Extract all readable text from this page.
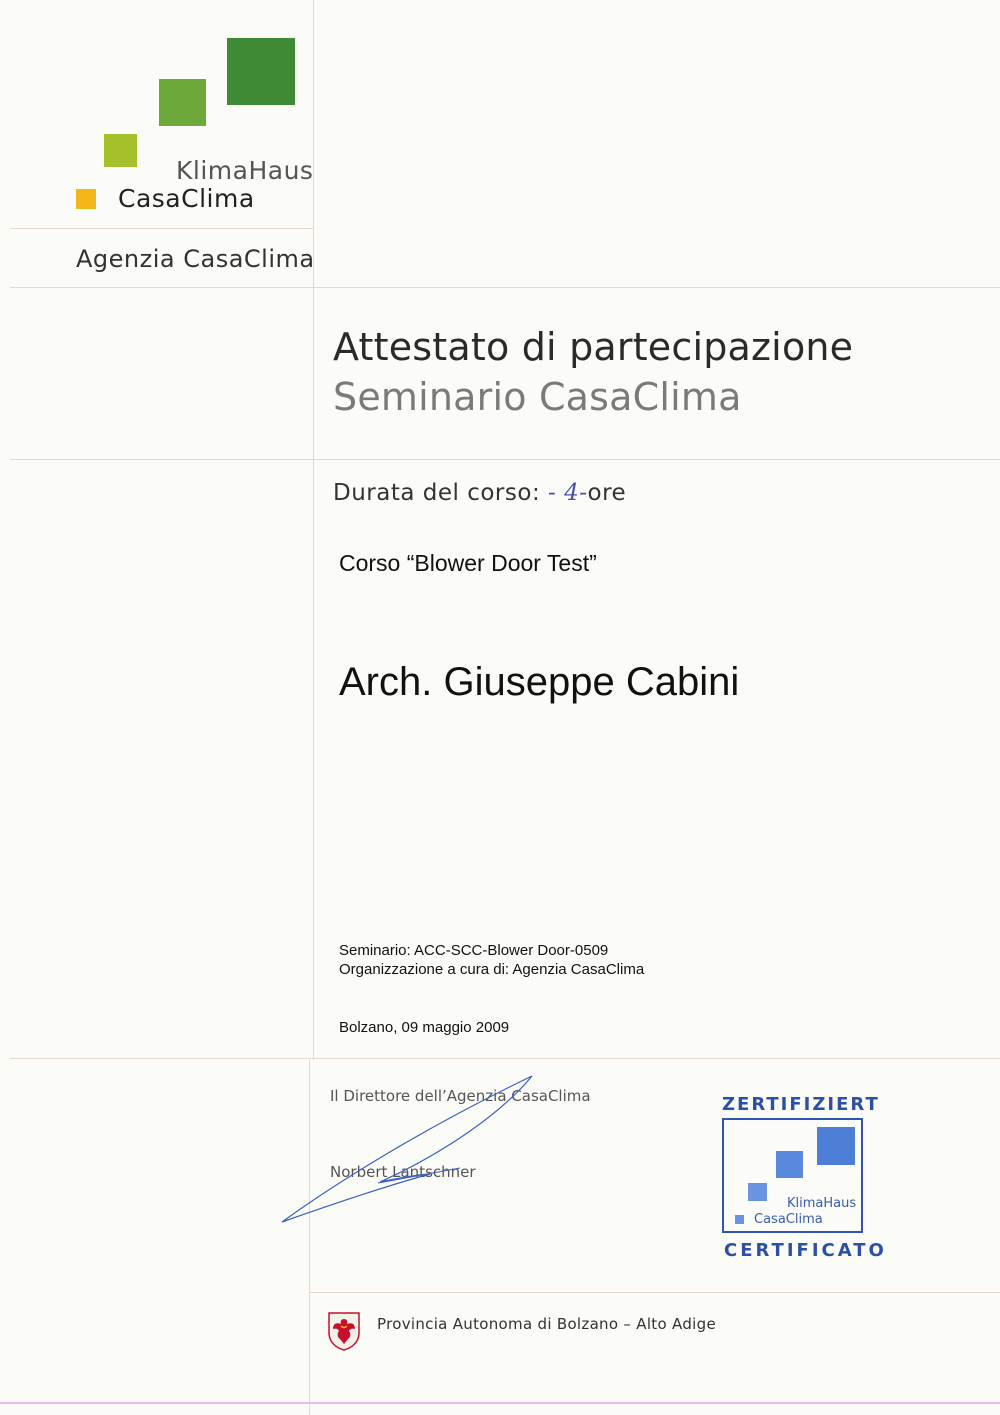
KlimaHaus
CasaClima
Agenzia CasaClima
Attestato di partecipazione
Seminario CasaClima
Durata del corso: - 4-ore
Corso “Blower Door Test”
Arch. Giuseppe Cabini
Seminario: ACC-SCC-Blower Door-0509
Organizzazione a cura di: Agenzia CasaClima
Bolzano, 09 maggio 2009
Il Direttore dell’Agenzia CasaClima
Norbert Lantschner
ZERTIFIZIERT
KlimaHaus
CasaClima
CERTIFICATO
Provincia Autonoma di Bolzano – Alto Adige
